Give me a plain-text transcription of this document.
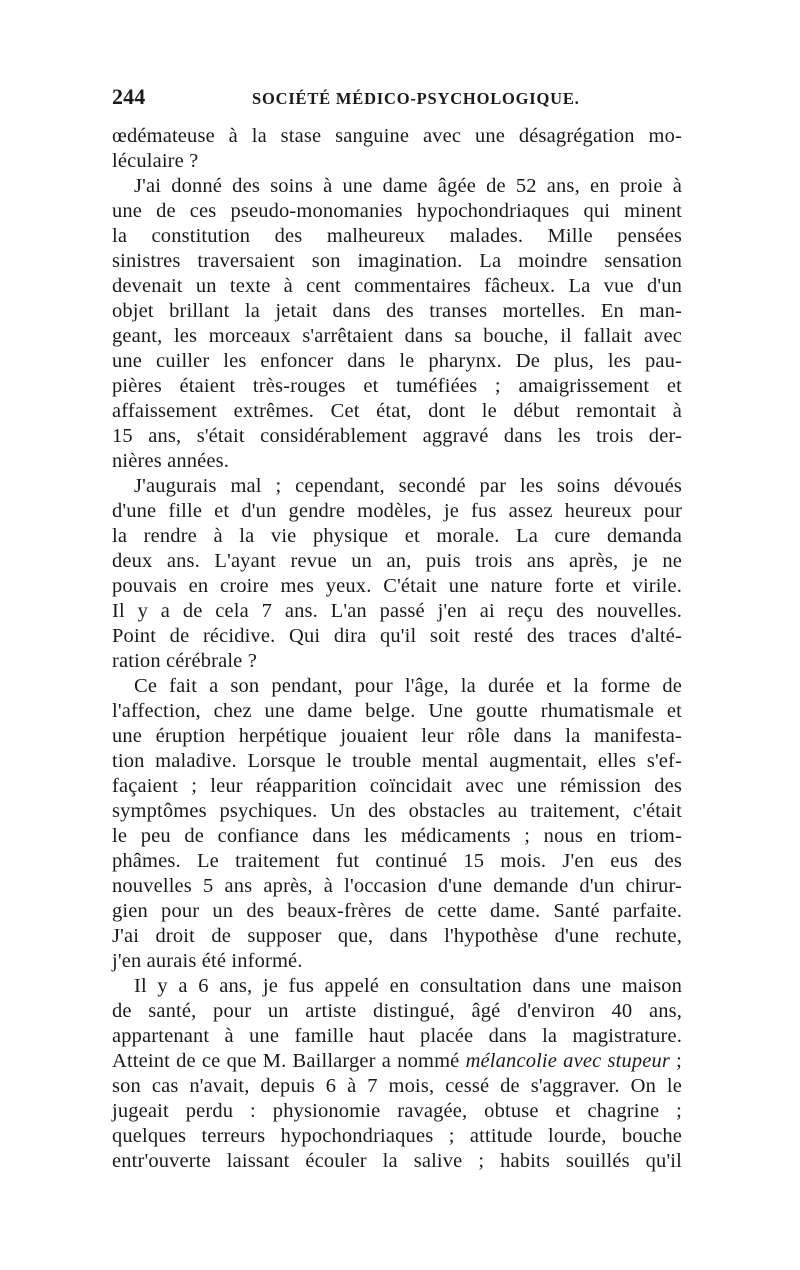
244	SOCIÉTÉ MÉDICO-PSYCHOLOGIQUE.
œdémateuse à la stase sanguine avec une désagrégation mo-
léculaire ?
J'ai donné des soins à une dame âgée de 52 ans, en proie à
une de ces pseudo-monomanies hypochondriaques qui minent
la constitution des malheureux malades. Mille pensées
sinistres traversaient son imagination. La moindre sensation
devenait un texte à cent commentaires fâcheux. La vue d'un
objet brillant la jetait dans des transes mortelles. En man-
geant, les morceaux s'arrêtaient dans sa bouche, il fallait avec
une cuiller les enfoncer dans le pharynx. De plus, les pau-
pières étaient très-rouges et tuméfiées ; amaigrissement et
affaissement extrêmes. Cet état, dont le début remontait à
15 ans, s'était considérablement aggravé dans les trois der-
nières années.
J'augurais mal ; cependant, secondé par les soins dévoués
d'une fille et d'un gendre modèles, je fus assez heureux pour
la rendre à la vie physique et morale. La cure demanda
deux ans. L'ayant revue un an, puis trois ans après, je ne
pouvais en croire mes yeux. C'était une nature forte et virile.
Il y a de cela 7 ans. L'an passé j'en ai reçu des nouvelles.
Point de récidive. Qui dira qu'il soit resté des traces d'alté-
ration cérébrale ?
Ce fait a son pendant, pour l'âge, la durée et la forme de
l'affection, chez une dame belge. Une goutte rhumatismale et
une éruption herpétique jouaient leur rôle dans la manifesta-
tion maladive. Lorsque le trouble mental augmentait, elles s'ef-
façaient ; leur réapparition coïncidait avec une rémission des
symptômes psychiques. Un des obstacles au traitement, c'était
le peu de confiance dans les médicaments ; nous en triom-
phâmes. Le traitement fut continué 15 mois. J'en eus des
nouvelles 5 ans après, à l'occasion d'une demande d'un chirur-
gien pour un des beaux-frères de cette dame. Santé parfaite.
J'ai droit de supposer que, dans l'hypothèse d'une rechute,
j'en aurais été informé.
Il y a 6 ans, je fus appelé en consultation dans une maison
de santé, pour un artiste distingué, âgé d'environ 40 ans,
appartenant à une famille haut placée dans la magistrature.
Atteint de ce que M. Baillarger a nommé mélancolie avec stupeur ;
son cas n'avait, depuis 6 à 7 mois, cessé de s'aggraver. On le
jugeait perdu : physionomie ravagée, obtuse et chagrine ;
quelques terreurs hypochondriaques ; attitude lourde, bouche
entr'ouverte laissant écouler la salive ; habits souillés qu'il
